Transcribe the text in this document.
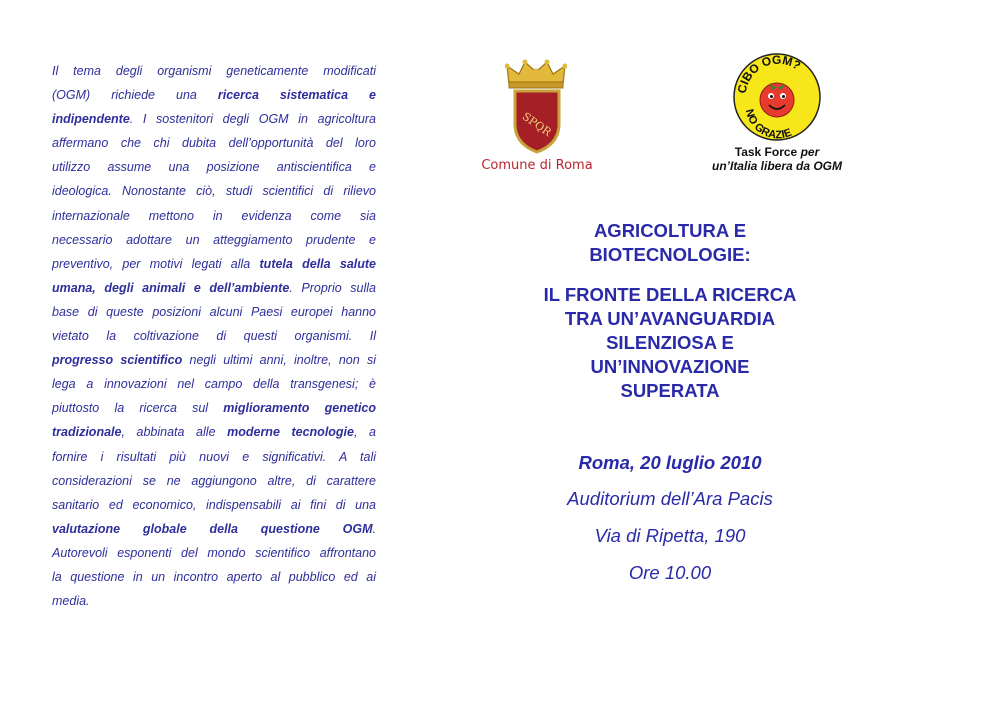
Il tema degli organismi geneticamente modificati
(OGM) richiede una ricerca sistematica e
indipendente. I sostenitori degli OGM in agricoltura
affermano che chi dubita dell’opportunità del loro
utilizzo assume una posizione antiscientifica e
ideologica. Nonostante ciò, studi scientifici di rilievo
internazionale mettono in evidenza come sia
necessario adottare un atteggiamento prudente e
preventivo, per motivi legati alla tutela della salute
umana, degli animali e dell’ambiente. Proprio sulla
base di queste posizioni alcuni Paesi europei hanno
vietato la coltivazione di questi organismi. Il
progresso scientifico negli ultimi anni, inoltre, non si
lega a innovazioni nel campo della transgenesi; è
piuttosto la ricerca sul miglioramento genetico
tradizionale, abbinata alle moderne tecnologie, a
fornire i risultati più nuovi e significativi. A tali
considerazioni se ne aggiungono altre, di carattere
sanitario ed economico, indispensabili ai fini di una
valutazione globale della questione OGM.
Autorevoli esponenti del mondo scientifico affrontano
la questione in un incontro aperto al pubblico ed ai
media.
SPQR
Comune di Roma
CIBO OGM?
NO GRAZIE
Task Force per
un’Italia libera da OGM
AGRICOLTURA E
BIOTECNOLOGIE:
IL FRONTE DELLA RICERCA
TRA UN’AVANGUARDIA
SILENZIOSA E
UN’INNOVAZIONE
SUPERATA
Roma, 20 luglio 2010
Auditorium dell’Ara Pacis
Via di Ripetta, 190
Ore 10.00
